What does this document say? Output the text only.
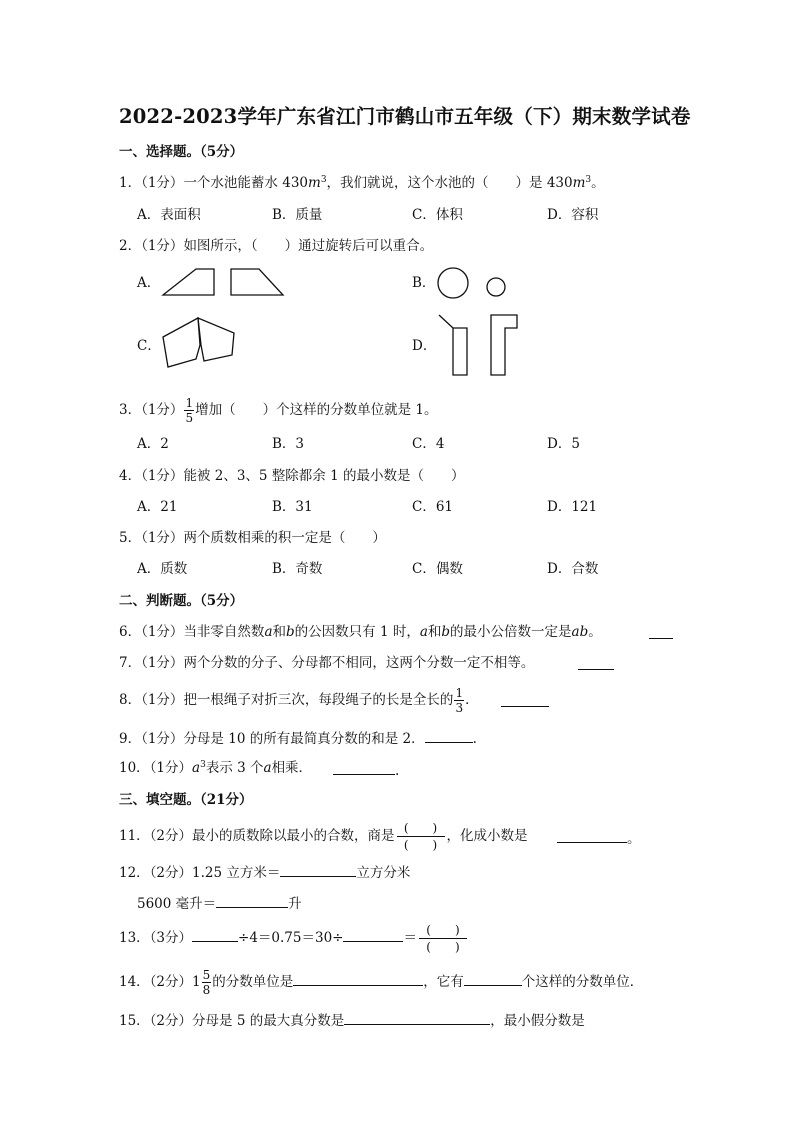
2022-2023学年广东省江门市鹤山市五年级（下）期末数学试卷
一、选择题。（5分）
1．（1分）一个水池能蓄水 $430m^3$，我们就说，这个水池的（　　）是 $430m^3$。
A．表面积	B．质量	C．体积	D．容积
2．（1分）如图所示，（　　）通过旋转后可以重合。
A．	B．
C．	D．
3．（1分） $\frac{1}{5}$ 增加（　　）个这样的分数单位就是 1。
A．2	B．3	C．4	D．5
4．（1分）能被 2、3、5 整除都余 1 的最小数是（　　）
A．21	B．31	C．61	D．121
5．（1分）两个质数相乘的积一定是（　　）
A．质数	B．奇数	C．偶数	D．合数
二、判断题。（5分）
6．（1分）当非零自然数a和b的公因数只有 1 时，a和b的最小公倍数一定是ab。
7．（1分）两个分数的分子、分母都不相同，这两个分数一定不相等。
8．（1分）把一根绳子对折三次，每段绳子的长是全长的 $\frac{1}{3}$ ．
9．（1分）分母是 10 的所有最简真分数的和是 2．	.
10．（1分）$a^3$表示 3 个a相乘．	.
三、填空题。（21分）
11．（2分）最小的质数除以最小的合数，商是 $\frac{( )}{( )}$ ，化成小数是	。
12．（2分）1.25 立方米＝	立方分米
5600 毫升＝	升
13．（3分）	÷4＝0.75＝30÷	＝ $\frac{( )}{( )}$
14．（2分）$1 \frac{5}{8}$ 的分数单位是	，它有	个这样的分数单位．
15．（2分）分母是 5 的最大真分数是	，最小假分数是
